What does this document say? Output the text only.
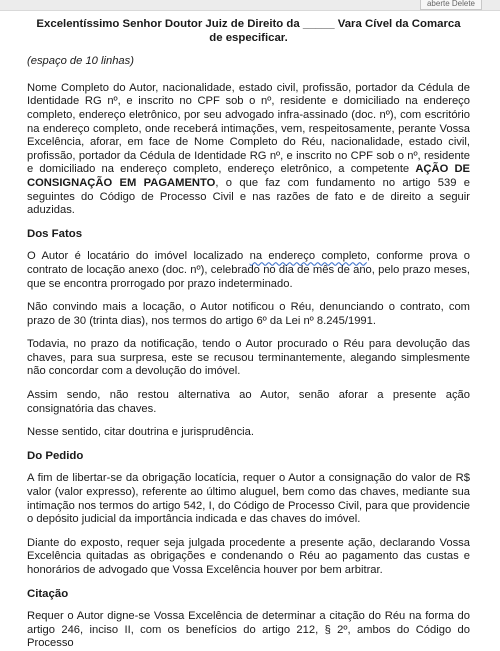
aberte Delete
Excelentíssimo Senhor Doutor Juiz de Direito da _____ Vara Cível da Comarca
de especificar.
(espaço de 10 linhas)

Nome Completo do Autor, nacionalidade, estado civil, profissão, portador da Cédula de Identidade RG nº, e inscrito no CPF sob o nº, residente e domiciliado na endereço completo, endereço eletrônico, por seu advogado infra-assinado (doc. nº), com escritório na endereço completo, onde receberá intimações, vem, respeitosamente, perante Vossa Excelência, aforar, em face de Nome Completo do Réu, nacionalidade, estado civil, profissão, portador da Cédula de Identidade RG nº, e inscrito no CPF sob o nº, residente e domiciliado na endereço completo, endereço eletrônico, a competente AÇÃO DE CONSIGNAÇÃO EM PAGAMENTO, o que faz com fundamento no artigo 539 e seguintes do Código de Processo Civil e nas razões de fato e de direito a seguir aduzidas.

Dos Fatos

O Autor é locatário do imóvel localizado na endereço completo, conforme prova o contrato de locação anexo (doc. nº), celebrado no dia de mês de ano, pelo prazo meses, que se encontra prorrogado por prazo indeterminado.

Não convindo mais a locação, o Autor notificou o Réu, denunciando o contrato, com prazo de 30 (trinta dias), nos termos do artigo 6º da Lei nº 8.245/1991.

Todavia, no prazo da notificação, tendo o Autor procurado o Réu para devolução das chaves, para sua surpresa, este se recusou terminantemente, alegando simplesmente não concordar com a devolução do imóvel.

Assim sendo, não restou alternativa ao Autor, senão aforar a presente ação consignatória das chaves.

Nesse sentido, citar doutrina e jurisprudência.

Do Pedido

A fim de libertar-se da obrigação locatícia, requer o Autor a consignação do valor de R$ valor (valor expresso), referente ao último aluguel, bem como das chaves, mediante sua intimação nos termos do artigo 542, I, do Código de Processo Civil, para que providencie o depósito judicial da importância indicada e das chaves do imóvel.

Diante do exposto, requer seja julgada procedente a presente ação, declarando Vossa Excelência quitadas as obrigações e condenando o Réu ao pagamento das custas e honorários de advogado que Vossa Excelência houver por bem arbitrar.

Citação

Requer o Autor digne-se Vossa Excelência de determinar a citação do Réu na forma do artigo 246, inciso II, com os benefícios do artigo 212, § 2º, ambos do Código do Processo
